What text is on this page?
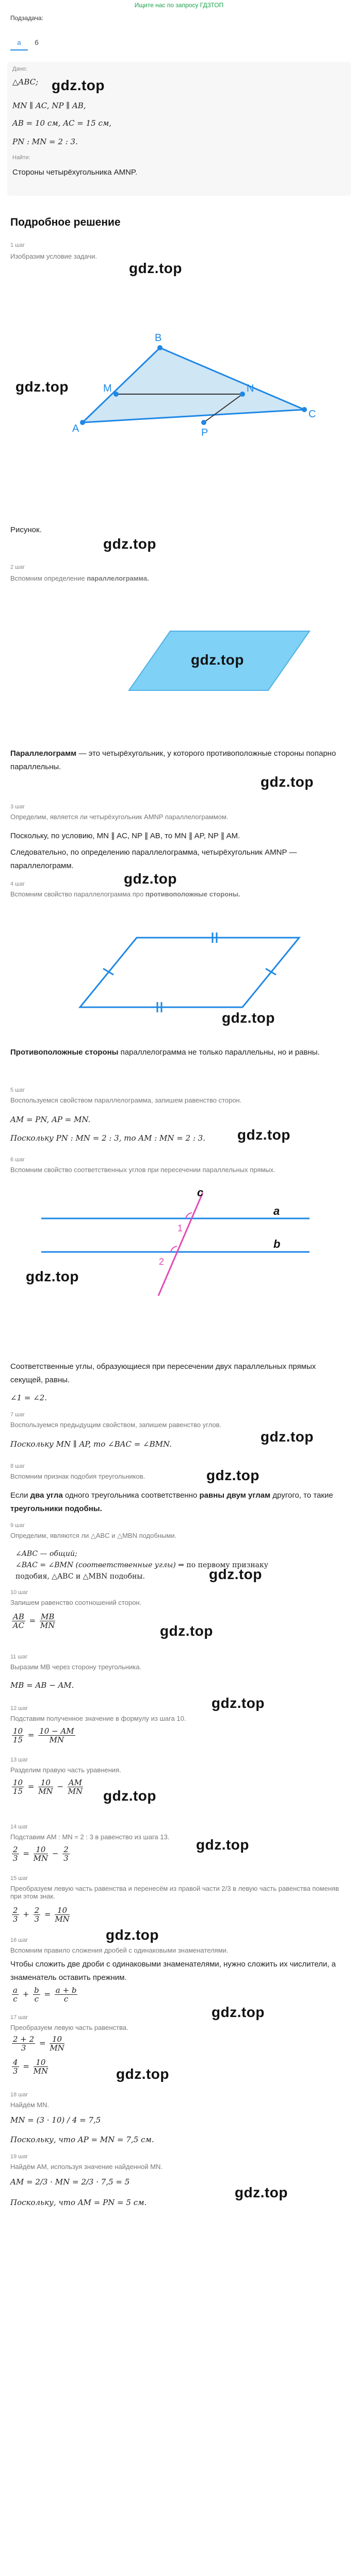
Ищите нас по запросу ГДЗТОП
Подзадача:
а	б
Дано:
△ABC;
MN ∥ AC, NP ∥ AB,
AB = 10 см, AC = 15 см,
PN : MN = 2 : 3.
Найти:
Стороны четырёхугольника AMNP.
gdz.top
Подробное решение
1 шаг
Изобразим условие задачи.
gdz.top
gdz.top
A
B
C
M	N
P
Рисунок.
gdz.top
2 шаг
Вспомним определение параллелограмма.
gdz.top
Параллелограмм — это четырёхугольник, у которого противоположные стороны попарно параллельны.
gdz.top
3 шаг
Определим, является ли четырёхугольник AMNP параллелограммом.
Поскольку, по условию, MN ∥ AC, NP ∥ AB, то MN ∥ AP, NP ∥ AM.
Следовательно, по определению параллелограмма, четырёхугольник AMNP — параллелограмм.
gdz.top
4 шаг
Вспомним свойство параллелограмма про противоположные стороны.
gdz.top
Противоположные стороны параллелограмма не только параллельны, но и равны.
5 шаг
Воспользуемся свойством параллелограмма, запишем равенство сторон.
AM = PN, AP = MN.
Поскольку PN : MN = 2 : 3, то AM : MN = 2 : 3.	gdz.top
6 шаг
Вспомним свойство соответственных углов при пересечении параллельных прямых.
c
a
b
1
2
gdz.top
Соответственные углы, образующиеся при пересечении двух параллельных прямых секущей, равны.
∠1 = ∠2.
7 шаг
Воспользуемся предыдущим свойством, запишем равенство углов.
Поскольку MN ∥ AP, то ∠BAC = ∠BMN.	gdz.top
8 шаг
Вспомним признак подобия треугольников.	gdz.top
Если два угла одного треугольника соответственно равны двум углам другого, то такие треугольники подобны.
9 шаг
Определим, являются ли △ABC и △MBN подобными.
∠ABC — общий;
∠BAC = ∠BMN (соответственные углы) ⇒ по первому признаку
подобия, △ABC и △MBN подобны.	gdz.top
10 шаг
Запишем равенство соотношений сторон.
$\frac{AB}{AC} = \frac{MB}{MN}$
gdz.top
11 шаг
Выразим MB через сторону треугольника.
MB = AB − AM.
gdz.top
12 шаг
Подставим полученное значение в формулу из шага 10.
$\frac{10}{15} = \frac{10 - AM}{MN}$
13 шаг
Разделим правую часть уравнения.
$\frac{10}{15} = \frac{10}{MN} - \frac{AM}{MN}$
gdz.top
14 шаг
Подставим AM : MN = 2 : 3 в равенство из шага 13.
$\frac{2}{3} = \frac{10}{MN} - \frac{2}{3}$
gdz.top
15 шаг
Преобразуем левую часть равенства и перенесём из правой части 2/3 в левую часть равенства поменяв при этом знак.
$\frac{2}{3} + \frac{2}{3} = \frac{10}{MN}$
gdz.top
16 шаг
Вспомним правило сложения дробей с одинаковыми знаменателями.
Чтобы сложить две дроби с одинаковыми знаменателями, нужно сложить их числители, а знаменатель оставить прежним.
$\frac{a}{c} + \frac{b}{c} = \frac{a + b}{c}$
gdz.top
17 шаг
Преобразуем левую часть равенства.
$\frac{2 + 2}{3} = \frac{10}{MN}$
$\frac{4}{3} = \frac{10}{MN}$	gdz.top
18 шаг
Найдём MN.
MN = (3 · 10) / 4 = 7,5
Поскольку, что AP = MN = 7,5 см.
19 шаг
Найдём AM, используя значение найденной MN.
AM = 2/3 · MN = 2/3 · 7,5 = 5
Поскольку, что AM = PN = 5 см.
gdz.top
